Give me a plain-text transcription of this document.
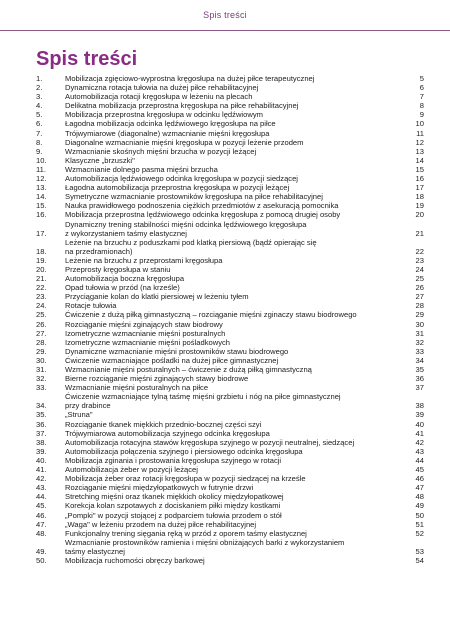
Spis treści
Spis treści
1.	Mobilizacja zgięciowo-wyprostna kręgosłupa na dużej piłce terapeutycznej	5
2.	Dynamiczna rotacja tułowia na dużej piłce rehabilitacyjnej	6
3.	Automobilizacja rotacji kręgosłupa w leżeniu na plecach	7
4.	Delikatna mobilizacja przeprostna kręgosłupa na piłce rehabilitacyjnej	8
5.	Mobilizacja przeprostna kręgosłupa w odcinku lędźwiowym	9
6.	Łagodna mobilizacja odcinka lędźwiowego kręgosłupa na piłce	10
7.	Trójwymiarowe (diagonalne) wzmacnianie mięśni kręgosłupa	11
8.	Diagonalne wzmacnianie mięśni kręgosłupa w pozycji leżenie przodem	12
9.	Wzmacnianie skośnych mięśni brzucha w pozycji leżącej	13
10.	Klasyczne „brzuszki"	14
11.	Wzmacnianie dolnego pasma mięśni brzucha	15
12.	Automobilizacja lędźwiowego odcinka kręgosłupa w pozycji siedzącej	16
13.	Łagodna automobilizacja przeprostna kręgosłupa w pozycji leżącej	17
14.	Symetryczne wzmacnianie prostowników kręgosłupa na piłce rehabilitacyjnej	18
15.	Nauka prawidłowego podnoszenia ciężkich przedmiotów z asekuracją pomocnika	19
16.	Mobilizacja przeprostna lędźwiowego odcinka kręgosłupa z pomocą drugiej osoby	20
17.
Dynamiczny trening stabilności mięśni odcinka lędźwiowego kręgosłupa
z wykorzystaniem taśmy elastycznej	21
18.
Leżenie na brzuchu z poduszkami pod klatką piersiową (bądź opierając się
na przedramionach)	22
19.	Leżenie na brzuchu z przeprostami kręgosłupa	23
20.	Przeprosty kręgosłupa w staniu	24
21.	Automobilizacja boczna kręgosłupa	25
22.	Opad tułowia w przód (na krześle)	26
23.	Przyciąganie kolan do klatki piersiowej w leżeniu tyłem	27
24.	Rotacje tułowia	28
25.	Ćwiczenie z dużą piłką gimnastyczną – rozciąganie mięśni zginaczy stawu biodrowego	29
26.	Rozciąganie mięśni zginających staw biodrowy	30
27.	Izometryczne wzmacnianie mięśni posturalnych	31
28.	Izometryczne wzmacnianie mięśni pośladkowych	32
29.	Dynamiczne wzmacnianie mięśni prostowników stawu biodrowego	33
30.	Ćwiczenie wzmacniające pośladki na dużej piłce gimnastycznej	34
31.	Wzmacnianie mięśni posturalnych – ćwiczenie z dużą piłką gimnastyczną	35
32.	Bierne rozciąganie mięśni zginających stawy biodrowe	36
33.	Wzmacnianie mięśni posturalnych na piłce	37
34.
Ćwiczenie wzmacniające tylną taśmę mięśni grzbietu i nóg na piłce gimnastycznej
przy drabince	38
35.	„Struna"	39
36.	Rozciąganie tkanek miękkich przednio-bocznej części szyi	40
37.	Trójwymiarowa automobilizacja szyjnego odcinka kręgosłupa	41
38.	Automobilizacja rotacyjna stawów kręgosłupa szyjnego w pozycji neutralnej, siedzącej	42
39.	Automobilizacja połączenia szyjnego i piersiowego odcinka kręgosłupa	43
40.	Mobilizacja zginania i prostowania kręgosłupa szyjnego w rotacji	44
41.	Automobilizacja żeber w pozycji leżącej	45
42.	Mobilizacja żeber oraz rotacji kręgosłupa w pozycji siedzącej na krześle	46
43.	Rozciąganie mięśni międzyłopatkowych w futrynie drzwi	47
44.	Stretching mięśni oraz tkanek miękkich okolicy międzyłopatkowej	48
45.	Korekcja kolan szpotawych z dociskaniem piłki między kostkami	49
46.	„Pompki" w pozycji stojącej z podparciem tułowia przodem o stół	50
47.	„Waga" w leżeniu przodem na dużej piłce rehabilitacyjnej	51
48.	Funkcjonalny trening sięgania ręką w przód z oporem taśmy elastycznej	52
49.
Wzmacnianie prostowników ramienia i mięśni obniżających barki z wykorzystaniem
taśmy elastycznej	53
50.	Mobilizacja ruchomości obręczy barkowej	54
